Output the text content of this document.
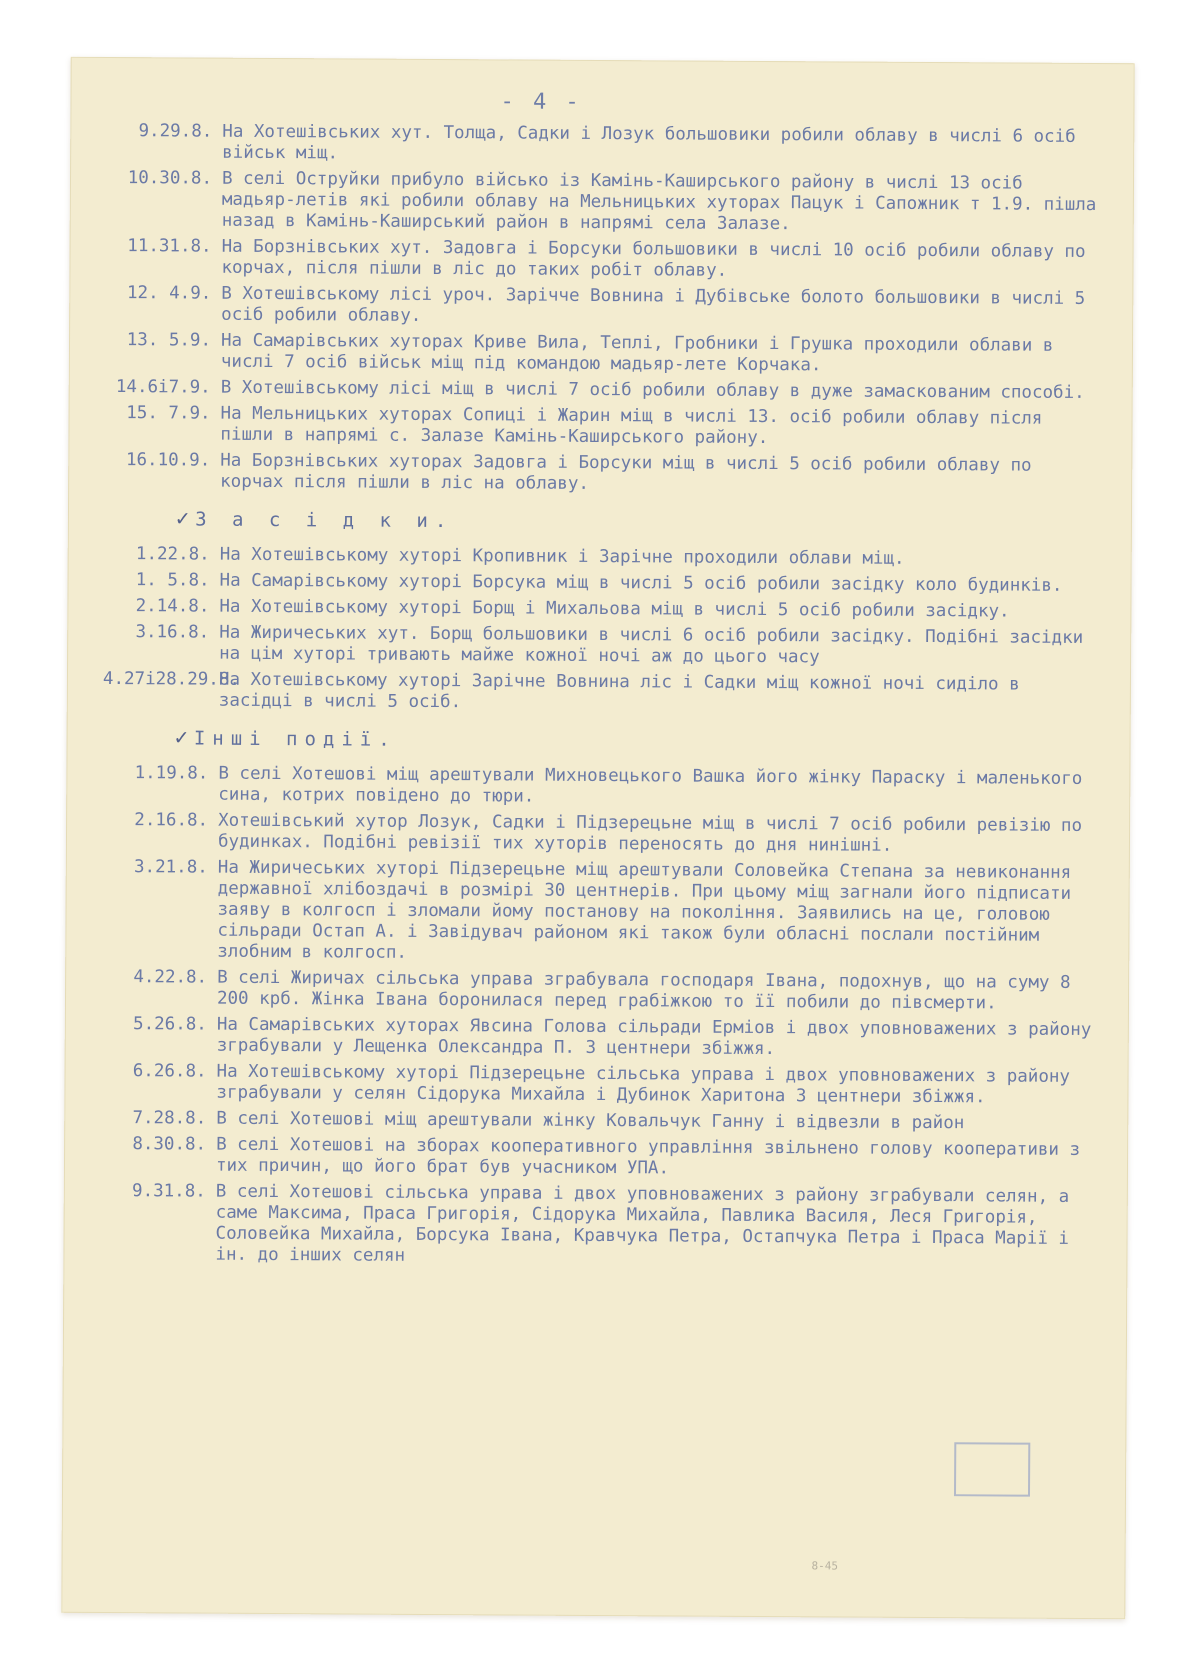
- 4 -
9.29.8. На Хотешівських хут. Толща, Садки і Лозук большовики робили облаву в числі 6 осіб військ міщ.
10.30.8. В селі Оструйки прибуло військо із Камінь-Каширського району в числі 13 осіб мадьяр-летів які робили облаву на Мельницьких хуторах Пацук і Сапожник т 1.9. пішла назад в Камінь-Каширський район в напрямі села Залазе.
11.31.8. На Борзнівських хут. Задовга і Борсуки большовики в числі 10 осіб робили облаву по корчах, після пішли в ліс до таких робіт облаву.
12. 4.9. В Хотешівському лісі уроч. Зарічче Вовнина і Дубівське болото большовики в числі 5 осіб робили облаву.
13. 5.9. На Самарівських хуторах Криве Вила, Теплі, Гробники і Грушка проходили облави в числі 7 осіб військ міщ під командою мадьяр-лете Корчака.
14.6і7.9. В Хотешівському лісі міщ в числі 7 осіб робили облаву в дуже замаскованим способі.
15. 7.9. На Мельницьких хуторах Сопиці і Жарин міщ в числі 13. осіб робили облаву після пішли в напрямі с. Залазе Камінь-Каширського району.
16.10.9. На Борзнівських хуторах Задовга і Борсуки міщ в числі 5 осіб робили облаву по корчах після пішли в ліс на облаву.
✓ 3 а с і д к и.
1.22.8. На Хотешівському хуторі Кропивник і Зарічне проходили облави міщ.
1. 5.8. На Самарівському хуторі Борсука міщ в числі 5 осіб робили засідку коло будинків.
2.14.8. На Хотешівському хуторі Борщ і Михальова міщ в числі 5 осіб робили засідку.
3.16.8. На Жиричеських хут. Борщ большовики в числі 6 осіб робили засідку. Подібні засідки на цім хуторі тривають майже кожної ночі аж до цього часу
4.27і28.29.8.
На Хотешівському хуторі Зарічне Вовнина ліс і Садки міщ кожної ночі сиділо в засідці в числі 5 осіб.
✓ Інші події.
1.19.8. В селі Хотешові міщ арештували Михновецького Вашка його жінку Параску і маленького сина, котрих повідено до тюри.
2.16.8. Хотешівський хутор Лозук, Садки і Підзерецьне міщ в числі 7 осіб робили ревізію по будинках. Подібні ревізії тих хуторів переносять до дня нинішні.
3.21.8. На Жиричеських хуторі Підзерецьне міщ арештували Соловейка Степана за невиконання державної хлібоздачі в розмірі 30 центнерів. При цьому міщ загнали його підписати заяву в колгосп і зломали йому постанову на покоління. Заявились на це, головою сільради Остап А. і Завідувач районом які також були обласні послали постійним злобним в колгосп.
4.22.8. В селі Жиричах сільська управа зграбувала господаря Івана, подохнув, що на суму 8 200 крб. Жінка Івана боронилася перед грабіжкою то її побили до півсмерти.
5.26.8. На Самарівських хуторах Явсина Голова сільради Ерміов і двох уповноважених з району зграбували у Лещенка Олександра П. 3 центнери збіжжя.
6.26.8. На Хотешівському хуторі Підзерецьне сільська управа і двох уповноважених з району зграбували у селян Сідорука Михайла і Дубинок Харитона 3 центнери збіжжя.
7.28.8. В селі Хотешові міщ арештували жінку Ковальчук Ганну і відвезли в район
8.30.8. В селі Хотешові на зборах кооперативного управління звільнено голову кооперативи з тих причин, що його брат був учасником УПА.
9.31.8. В селі Хотешові сільська управа і двох уповноважених з району зграбували селян, а саме Максима, Праса Григорія, Сідорука Михайла, Павлика Василя, Леся Григорія, Соловейка Михайла, Борсука Івана, Кравчука Петра, Остапчука Петра і Праса Марії і ін. до інших селян
8-45
